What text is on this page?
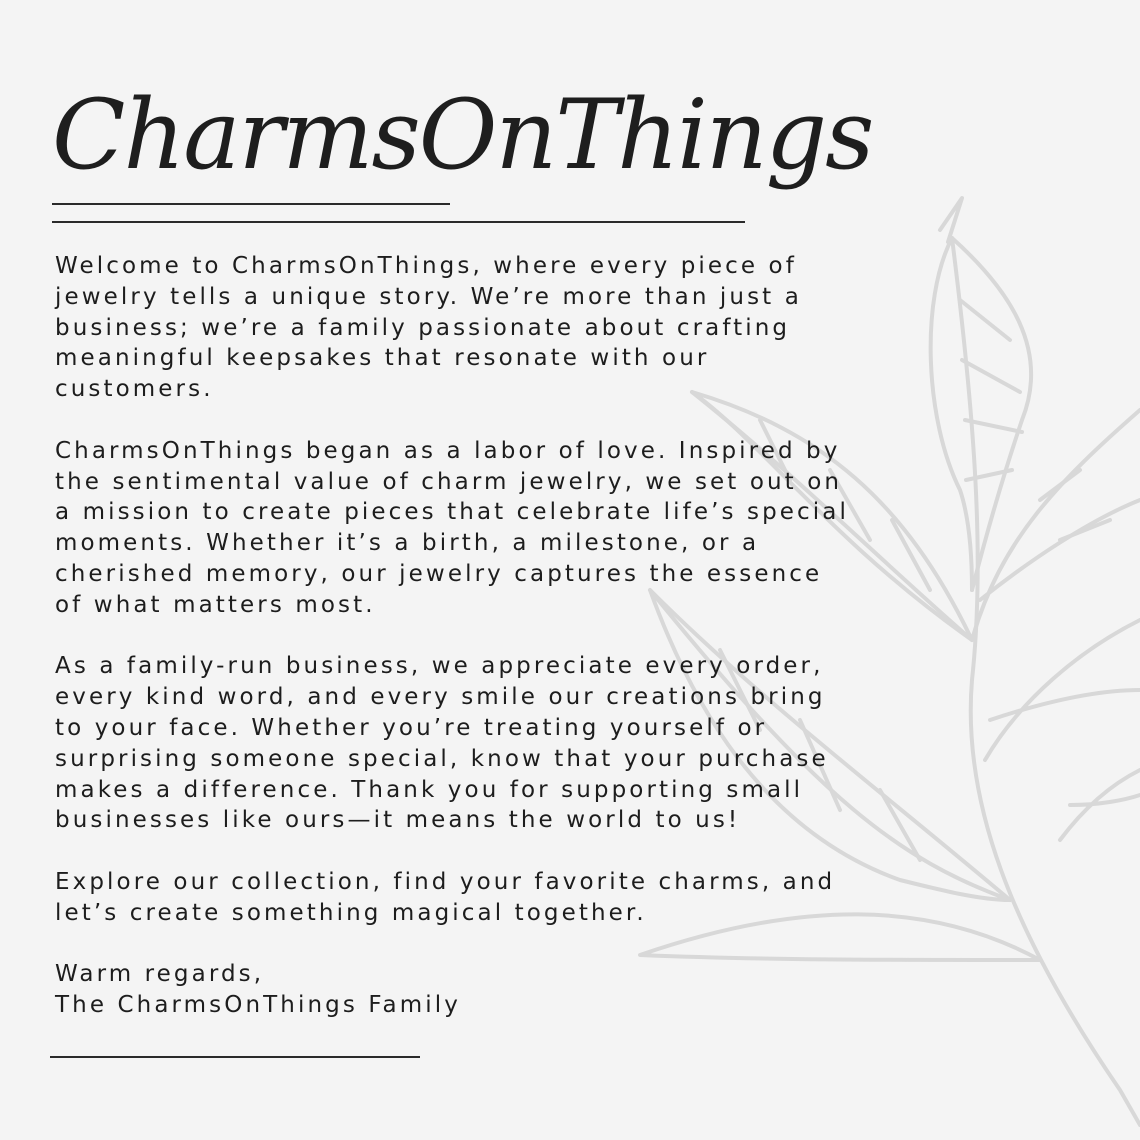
CharmsOnThings

Welcome to CharmsOnThings, where every piece of
jewelry tells a unique story. We’re more than just a
business; we’re a family passionate about crafting
meaningful keepsakes that resonate with our
customers.

CharmsOnThings began as a labor of love. Inspired by
the sentimental value of charm jewelry, we set out on
a mission to create pieces that celebrate life’s special
moments. Whether it’s a birth, a milestone, or a
cherished memory, our jewelry captures the essence
of what matters most.

As a family-run business, we appreciate every order,
every kind word, and every smile our creations bring
to your face. Whether you’re treating yourself or
surprising someone special, know that your purchase
makes a difference. Thank you for supporting small
businesses like ours—it means the world to us!

Explore our collection, find your favorite charms, and
let’s create something magical together.

Warm regards,
The CharmsOnThings Family
